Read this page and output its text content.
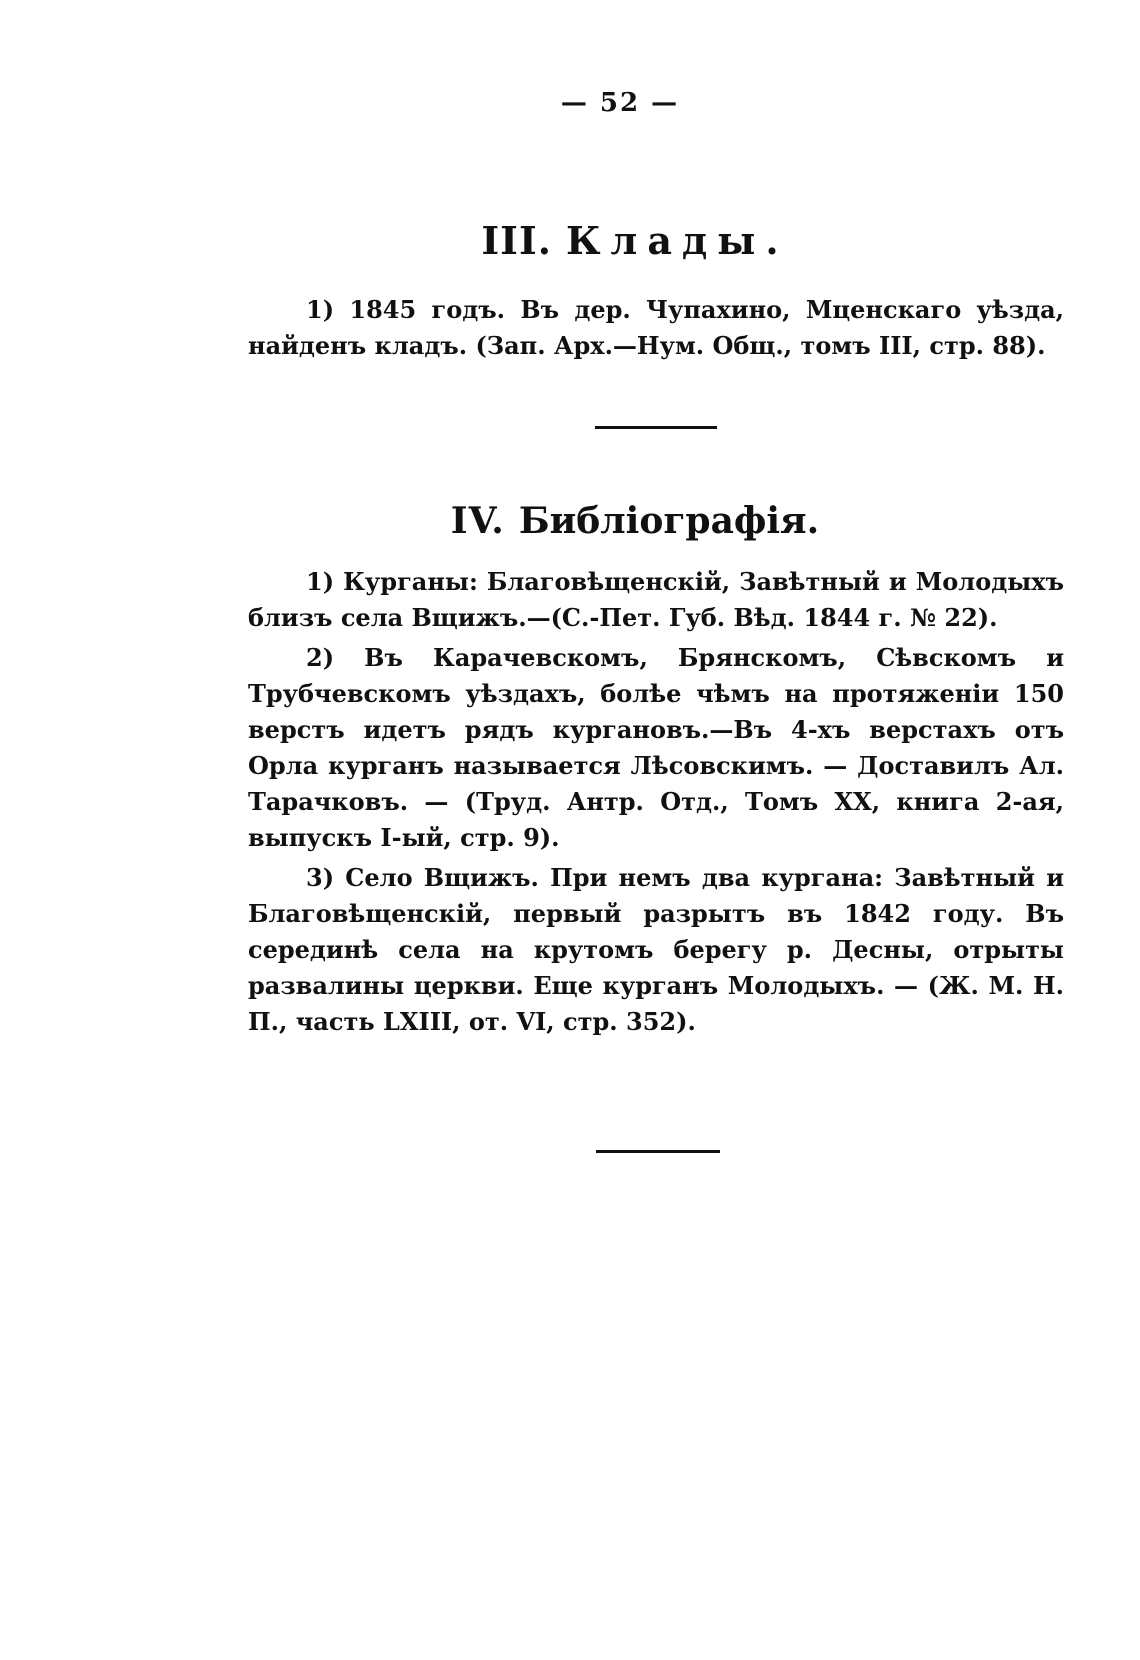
— 52 —
III. Клады.

1) 1845 годъ. Въ дер. Чупахино, Мценскаго уѣзда, найденъ кладъ. (Зап. Арх.—Нум. Общ., томъ III, стр. 88).

IV. Библіографія.

1) Курганы: Благовѣщенскій, Завѣтный и Молодыхъ близъ села Вщижъ.—(С.-Пет. Губ. Вѣд. 1844 г. № 22).

2) Въ Карачевскомъ, Брянскомъ, Сѣвскомъ и Трубчевскомъ уѣздахъ, болѣе чѣмъ на протяженіи 150 верстъ идетъ рядъ кургановъ.—Въ 4-хъ верстахъ отъ Орла курганъ называется Лѣсовскимъ. — Доставилъ Ал. Тарачковъ. — (Труд. Антр. Отд., Томъ XX, книга 2-ая, выпускъ I-ый, стр. 9).

3) Село Вщижъ. При немъ два кургана: Завѣтный и Благовѣщенскій, первый разрытъ въ 1842 году. Въ серединѣ села на крутомъ берегу р. Десны, отрыты развалины церкви. Еще курганъ Молодыхъ. — (Ж. М. Н. П., часть LXIII, от. VI, стр. 352).
